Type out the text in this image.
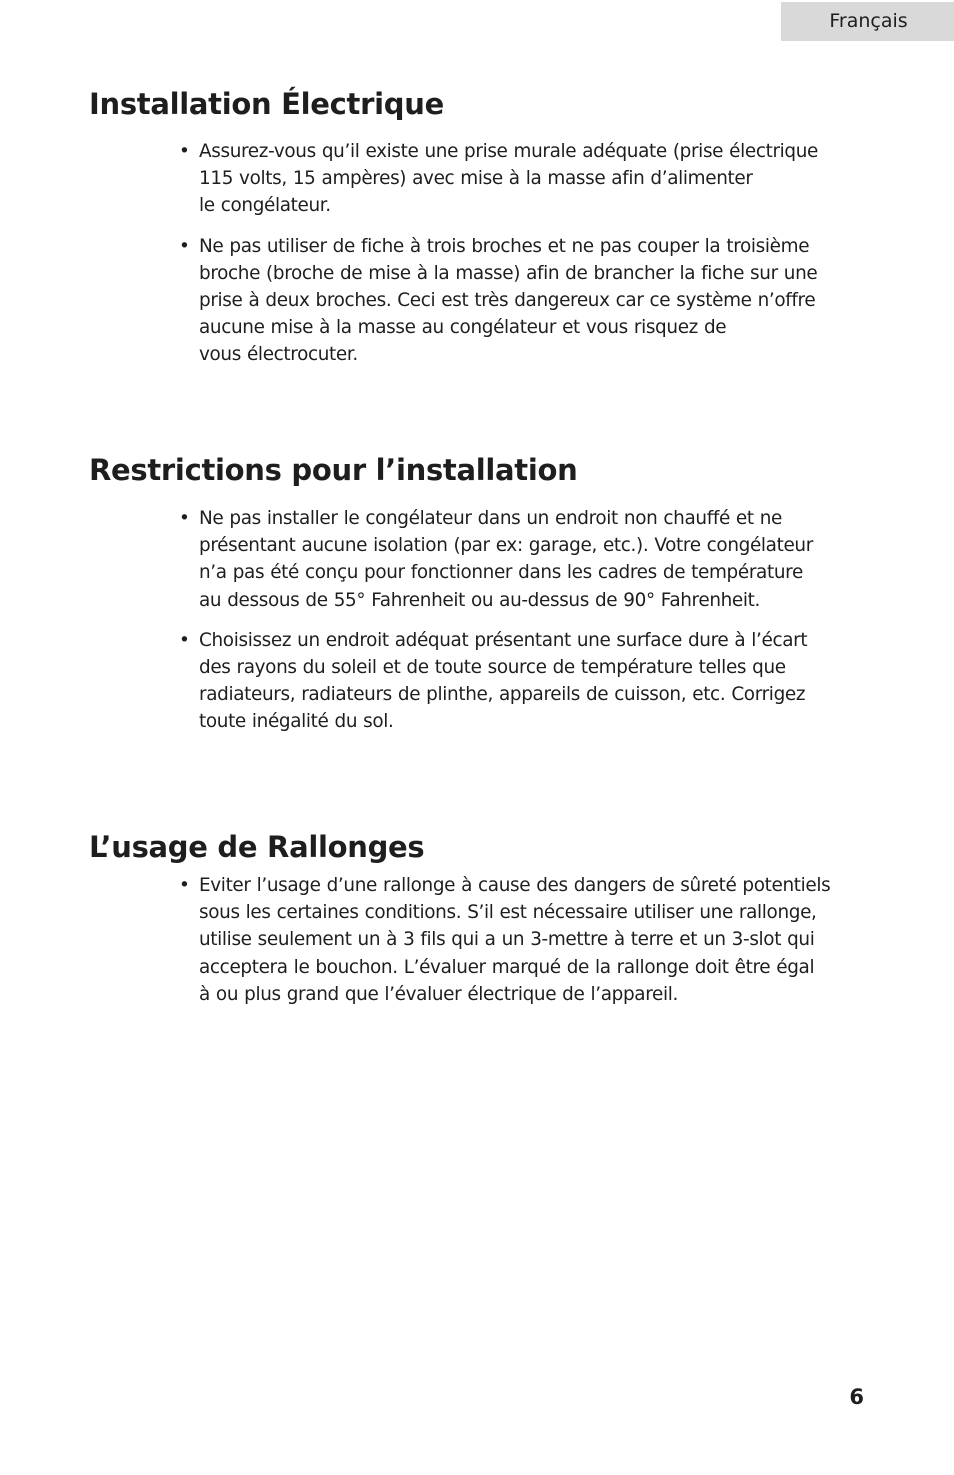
Français
Installation Électrique
• Assurez-vous qu’il existe une prise murale adéquate (prise électrique
115 volts, 15 ampères) avec mise à la masse afin d’alimenter
le congélateur.
• Ne pas utiliser de fiche à trois broches et ne pas couper la troisième
broche (broche de mise à la masse) afin de brancher la fiche sur une
prise à deux broches. Ceci est très dangereux car ce système n’offre
aucune mise à la masse au congélateur et vous risquez de
vous électrocuter.
Restrictions pour l’installation
• Ne pas installer le congélateur dans un endroit non chauffé et ne
présentant aucune isolation (par ex: garage, etc.). Votre congélateur
n’a pas été conçu pour fonctionner dans les cadres de température
au dessous de 55° Fahrenheit ou au-dessus de 90° Fahrenheit.
• Choisissez un endroit adéquat présentant une surface dure à l’écart
des rayons du soleil et de toute source de température telles que
radiateurs, radiateurs de plinthe, appareils de cuisson, etc. Corrigez
toute inégalité du sol.
L’usage de Rallonges
• Eviter l’usage d’une rallonge à cause des dangers de sûreté potentiels
sous les certaines conditions. S’il est nécessaire utiliser une rallonge,
utilise seulement un à 3 fils qui a un 3-mettre à terre et un 3-slot qui
acceptera le bouchon. L’évaluer marqué de la rallonge doit être égal
à ou plus grand que l’évaluer électrique de l’appareil.
6
